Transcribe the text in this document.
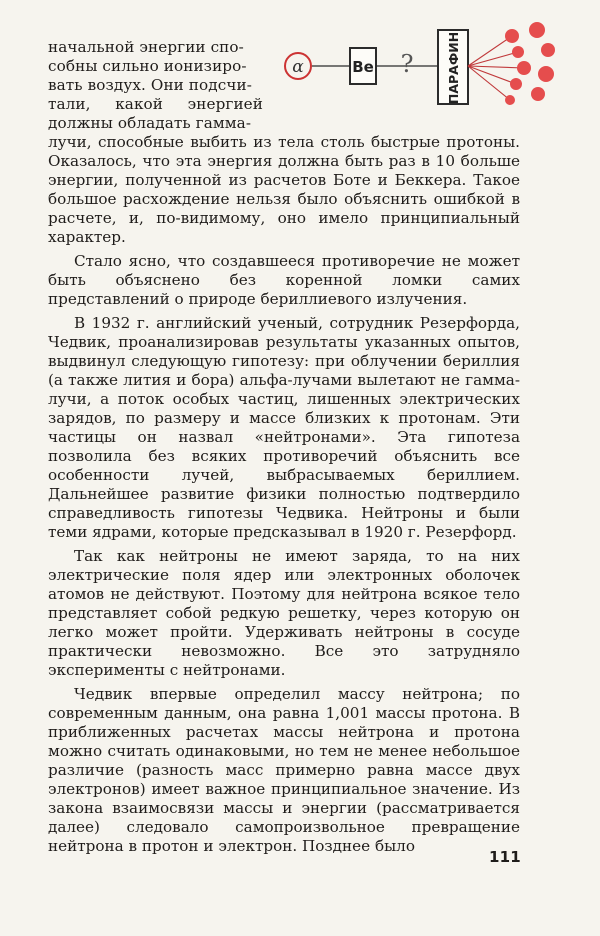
α	Be ?	ПАРАФИН
начальной энергии спо-
собны сильно ионизиро-
вать воздух. Они подсчи-
тали, какой энергией
должны обладать гамма-

лучи, способные выбить из тела столь быстрые протоны. Оказалось, что эта энергия должна быть раз в 10 больше энергии, полученной из расчетов Боте и Беккера. Такое большое расхождение нельзя было объяснить ошибкой в расчете, и, по-видимому, оно имело принципиальный характер.

Стало ясно, что создавшееся противоречие не может быть объяснено без коренной ломки самих представлений о природе бериллиевого излучения.

В 1932 г. английский ученый, сотрудник Резерфорда, Чедвик, проанализировав результаты указанных опытов, выдвинул следующую гипотезу: при облучении бериллия (а также лития и бора) альфа-лучами вылетают не гамма-лучи, а поток особых частиц, лишенных электрических зарядов, по размеру и массе близких к протонам. Эти частицы он назвал «нейтронами». Эта гипотеза позволила без всяких противоречий объяснить все особенности лучей, выбрасываемых бериллием. Дальнейшее развитие физики полностью подтвердило справедливость гипотезы Чедвика. Нейтроны и были теми ядрами, которые предсказывал в 1920 г. Резерфорд.

Так как нейтроны не имеют заряда, то на них электрические поля ядер или электронных оболочек атомов не действуют. Поэтому для нейтрона всякое тело представляет собой редкую решетку, через которую он легко может пройти. Удерживать нейтроны в сосуде практически невозможно. Все это затрудняло эксперименты с нейтронами.

Чедвик впервые определил массу нейтрона; по современным данным, она равна 1,001 массы протона. В приближенных расчетах массы нейтрона и протона можно считать одинаковыми, но тем не менее небольшое различие (разность масс примерно равна массе двух электронов) имеет важное принципиальное значение. Из закона взаимосвязи массы и энергии (рассматривается далее) следовало самопроизвольное превращение нейтрона в протон и электрон. Позднее было

111
